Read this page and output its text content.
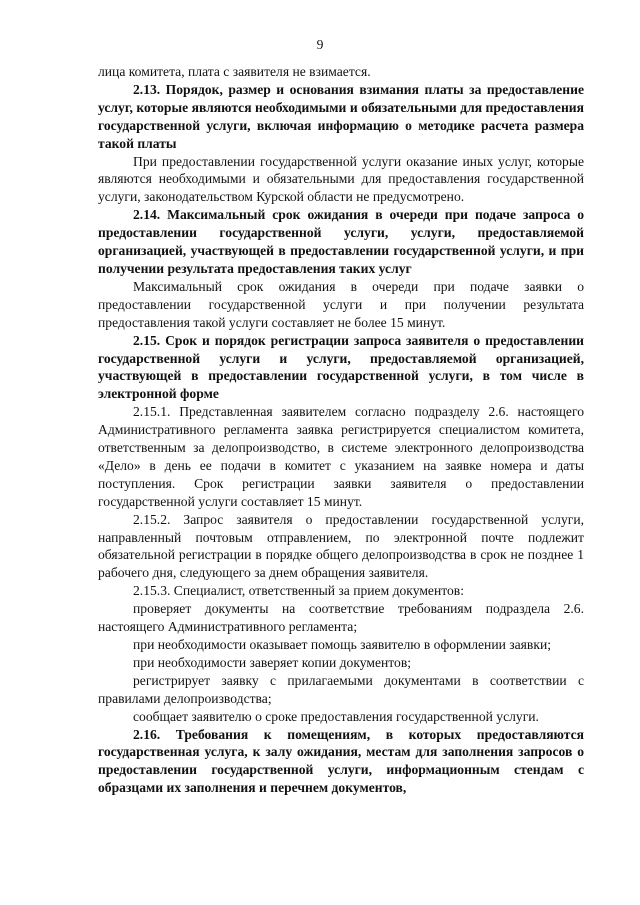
9

лица комитета, плата с заявителя не взимается.

2.13. Порядок, размер и основания взимания платы за предоставление услуг, которые являются необходимыми и обязательными для предоставления государственной услуги, включая информацию о методике расчета размера такой платы

При предоставлении государственной услуги оказание иных услуг, которые являются необходимыми и обязательными для предоставления государственной услуги, законодательством Курской области не предусмотрено.

2.14. Максимальный срок ожидания в очереди при подаче запроса о предоставлении государственной услуги, услуги, предоставляемой организацией, участвующей в предоставлении государственной услуги, и при получении результата предоставления таких услуг

Максимальный срок ожидания в очереди при подаче заявки о предоставлении государственной услуги и при получении результата предоставления такой услуги составляет не более 15 минут.

2.15. Срок и порядок регистрации запроса заявителя о предоставлении государственной услуги и услуги, предоставляемой организацией, участвующей в предоставлении государственной услуги, в том числе в электронной форме

2.15.1. Представленная заявителем согласно подразделу 2.6. настоящего Административного регламента заявка регистрируется специалистом комитета, ответственным за делопроизводство, в системе электронного делопроизводства «Дело» в день ее подачи в комитет с указанием на заявке номера и даты поступления. Срок регистрации заявки заявителя о предоставлении государственной услуги составляет 15 минут.

2.15.2. Запрос заявителя о предоставлении государственной услуги, направленный почтовым отправлением, по электронной почте подлежит обязательной регистрации в порядке общего делопроизводства в срок не позднее 1 рабочего дня, следующего за днем обращения заявителя.

2.15.3. Специалист, ответственный за прием документов:

проверяет документы на соответствие требованиям подраздела 2.6. настоящего Административного регламента;

при необходимости оказывает помощь заявителю в оформлении заявки;

при необходимости заверяет копии документов;

регистрирует заявку с прилагаемыми документами в соответствии с правилами делопроизводства;

сообщает заявителю о сроке предоставления государственной услуги.

2.16. Требования к помещениям, в которых предоставляются государственная услуга, к залу ожидания, местам для заполнения запросов о предоставлении государственной услуги, информационным стендам с образцами их заполнения и перечнем документов,
